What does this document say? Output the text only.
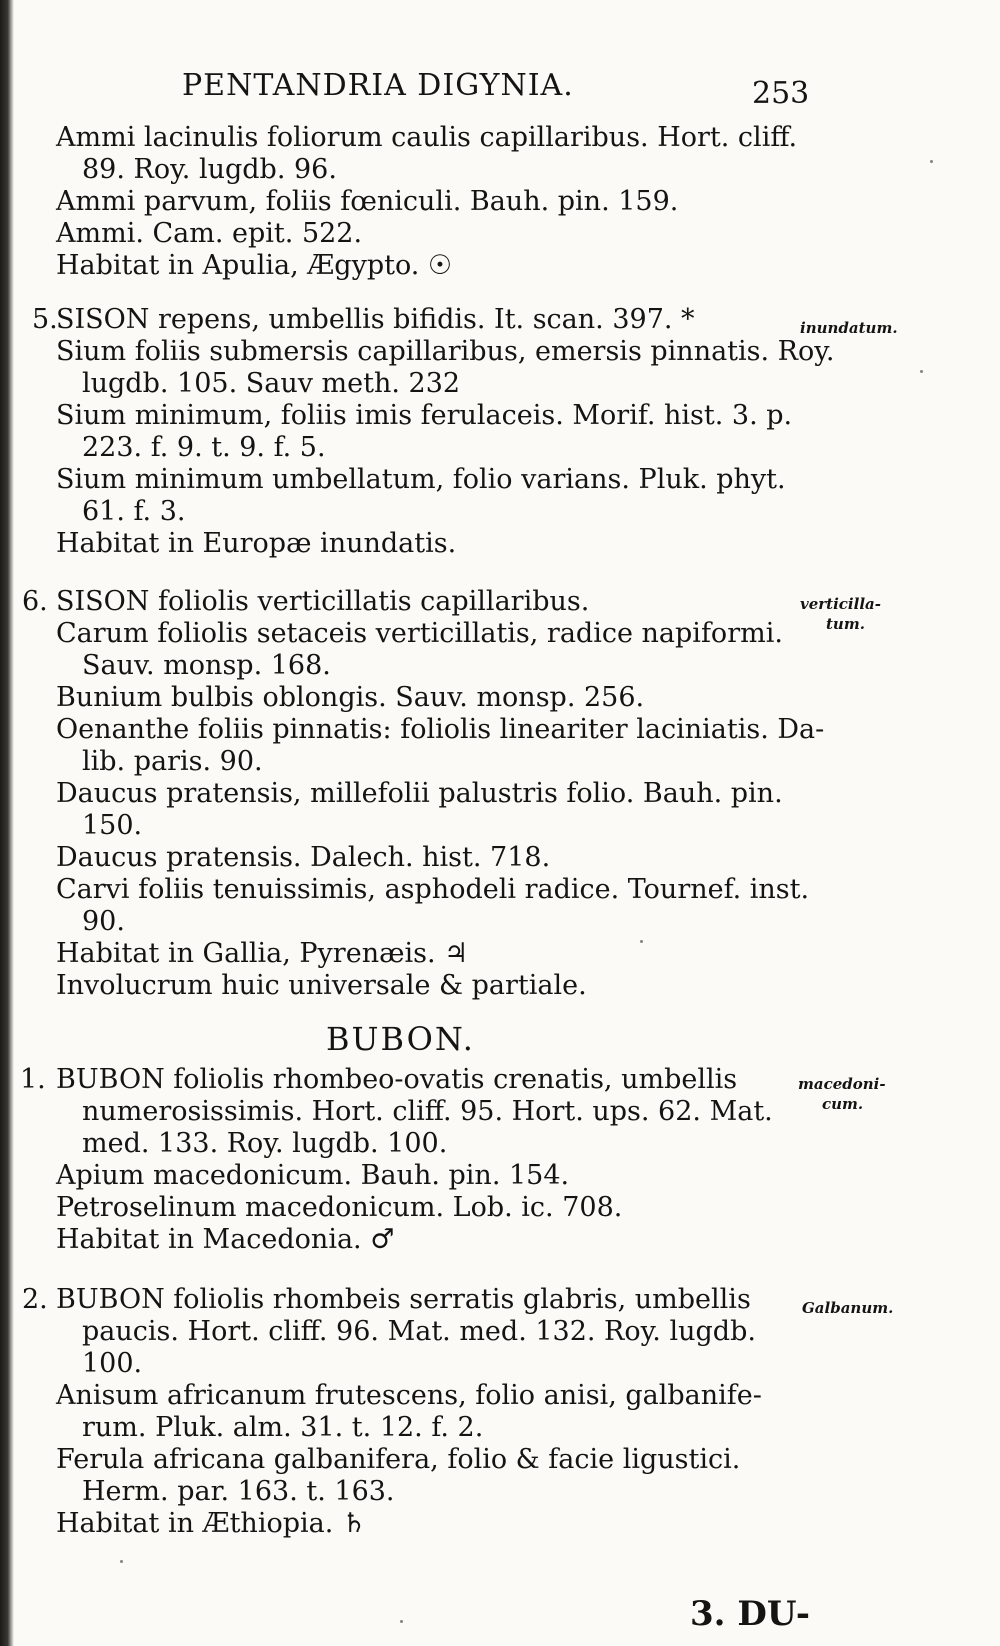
PENTANDRIA DIGYNIA.	253
Ammi lacinulis foliorum caulis capillaribus. Hort. cliff.
89. Roy. lugdb. 96.
Ammi parvum, foliis fœniculi. Bauh. pin. 159.
Ammi. Cam. epit. 522.
Habitat in Apulia, Ægypto. ☉
5.	inundatum.
SISON repens, umbellis bifidis. It. scan. 397. *
Sium foliis submersis capillaribus, emersis pinnatis. Roy.
lugdb. 105. Sauv meth. 232
Sium minimum, foliis imis ferulaceis. Morif. hist. 3. p.
223. f. 9. t. 9. f. 5.
Sium minimum umbellatum, folio varians. Pluk. phyt.
61. f. 3.
Habitat in Europæ inundatis.
6.	verticilla-
tum.
SISON foliolis verticillatis capillaribus.
Carum foliolis setaceis verticillatis, radice napiformi.
Sauv. monsp. 168.
Bunium bulbis oblongis. Sauv. monsp. 256.
Oenanthe foliis pinnatis: foliolis lineariter laciniatis. Da-
lib. paris. 90.
Daucus pratensis, millefolii palustris folio. Bauh. pin.
150.
Daucus pratensis. Dalech. hist. 718.
Carvi foliis tenuissimis, asphodeli radice. Tournef. inst.
90.
Habitat in Gallia, Pyrenæis. ♃
Involucrum huic universale & partiale.
BUBON.
1.	macedoni-
cum.
BUBON foliolis rhombeo-ovatis crenatis, umbellis
numerosissimis. Hort. cliff. 95. Hort. ups. 62. Mat.
med. 133. Roy. lugdb. 100.
Apium macedonicum. Bauh. pin. 154.
Petroselinum macedonicum. Lob. ic. 708.
Habitat in Macedonia. ♂
2.	Galbanum.
BUBON foliolis rhombeis serratis glabris, umbellis
paucis. Hort. cliff. 96. Mat. med. 132. Roy. lugdb.
100.
Anisum africanum frutescens, folio anisi, galbanife-
rum. Pluk. alm. 31. t. 12. f. 2.
Ferula africana galbanifera, folio & facie ligustici.
Herm. par. 163. t. 163.
Habitat in Æthiopia. ♄
3. DU-
